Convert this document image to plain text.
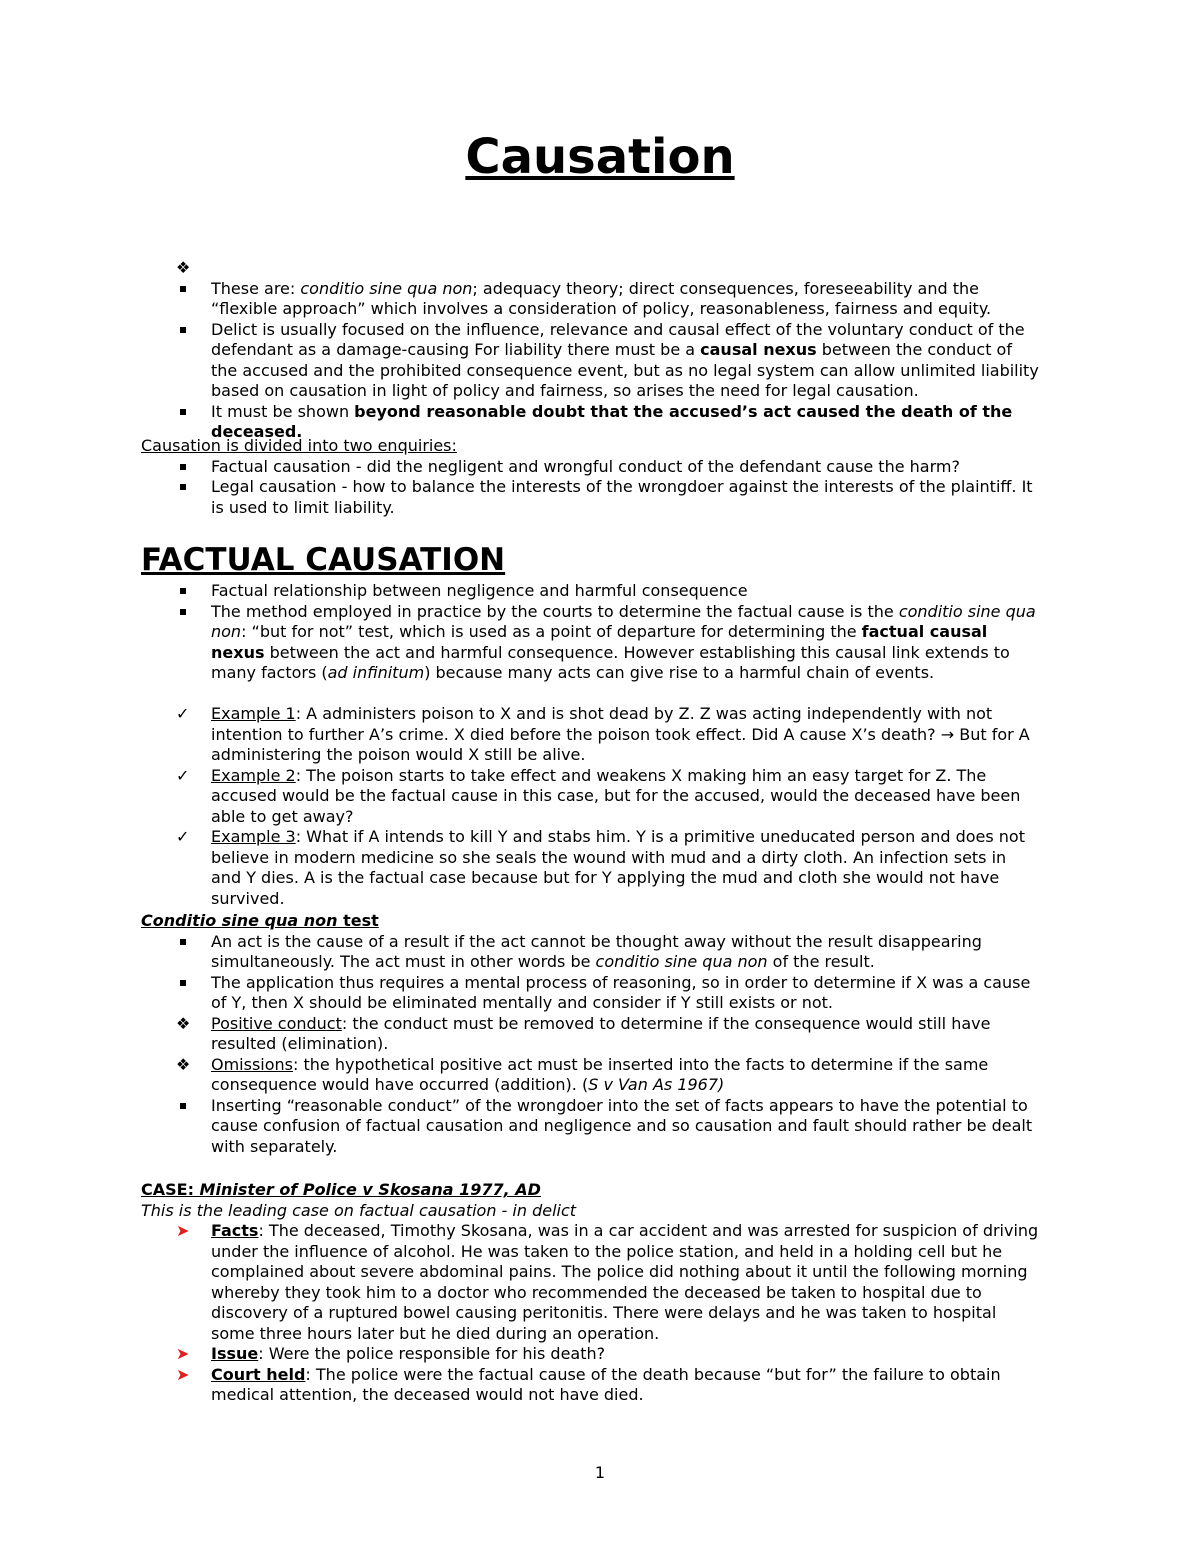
Causation
❖

These are: conditio sine qua non; adequacy theory; direct consequences, foreseeability and the “flexible approach” which involves a consideration of policy, reasonableness, fairness and equity.
Delict is usually focused on the influence, relevance and causal effect of the voluntary conduct of the defendant as a damage-causing For liability there must be a causal nexus between the conduct of the accused and the prohibited consequence event, but as no legal system can allow unlimited liability based on causation in light of policy and fairness, so arises the need for legal causation.
It must be shown beyond reasonable doubt that the accused’s act caused the death of the deceased.
Causation is divided into two enquiries:
Factual causation - did the negligent and wrongful conduct of the defendant cause the harm?
Legal causation - how to balance the interests of the wrongdoer against the interests of the plaintiff. It is used to limit liability.
FACTUAL CAUSATION
Factual relationship between negligence and harmful consequence
The method employed in practice by the courts to determine the factual cause is the conditio sine qua non: “but for not” test, which is used as a point of departure for determining the factual causal nexus between the act and harmful consequence. However establishing this causal link extends to many factors (ad infinitum) because many acts can give rise to a harmful chain of events.
✓	Example 1: A administers poison to X and is shot dead by Z. Z was acting independently with not intention to further A’s crime. X died before the poison took effect. Did A cause X’s death? → But for A administering the poison would X still be alive.
✓	Example 2: The poison starts to take effect and weakens X making him an easy target for Z. The accused would be the factual cause in this case, but for the accused, would the deceased have been able to get away?
✓	Example 3: What if A intends to kill Y and stabs him. Y is a primitive uneducated person and does not believe in modern medicine so she seals the wound with mud and a dirty cloth. An infection sets in and Y dies. A is the factual case because but for Y applying the mud and cloth she would not have survived.
Conditio sine qua non test
An act is the cause of a result if the act cannot be thought away without the result disappearing simultaneously. The act must in other words be conditio sine qua non of the result.
The application thus requires a mental process of reasoning, so in order to determine if X was a cause of Y, then X should be eliminated mentally and consider if Y still exists or not.
❖	Positive conduct: the conduct must be removed to determine if the consequence would still have resulted (elimination).
❖	Omissions: the hypothetical positive act must be inserted into the facts to determine if the same consequence would have occurred (addition). (S v Van As 1967)
Inserting “reasonable conduct” of the wrongdoer into the set of facts appears to have the potential to cause confusion of factual causation and negligence and so causation and fault should rather be dealt with separately.
CASE: Minister of Police v Skosana 1977, AD
This is the leading case on factual causation - in delict
➤	Facts: The deceased, Timothy Skosana, was in a car accident and was arrested for suspicion of driving under the influence of alcohol. He was taken to the police station, and held in a holding cell but he complained about severe abdominal pains. The police did nothing about it until the following morning whereby they took him to a doctor who recommended the deceased be taken to hospital due to discovery of a ruptured bowel causing peritonitis. There were delays and he was taken to hospital some three hours later but he died during an operation.
➤	Issue: Were the police responsible for his death?
➤	Court held: The police were the factual cause of the death because “but for” the failure to obtain medical attention, the deceased would not have died.
1
